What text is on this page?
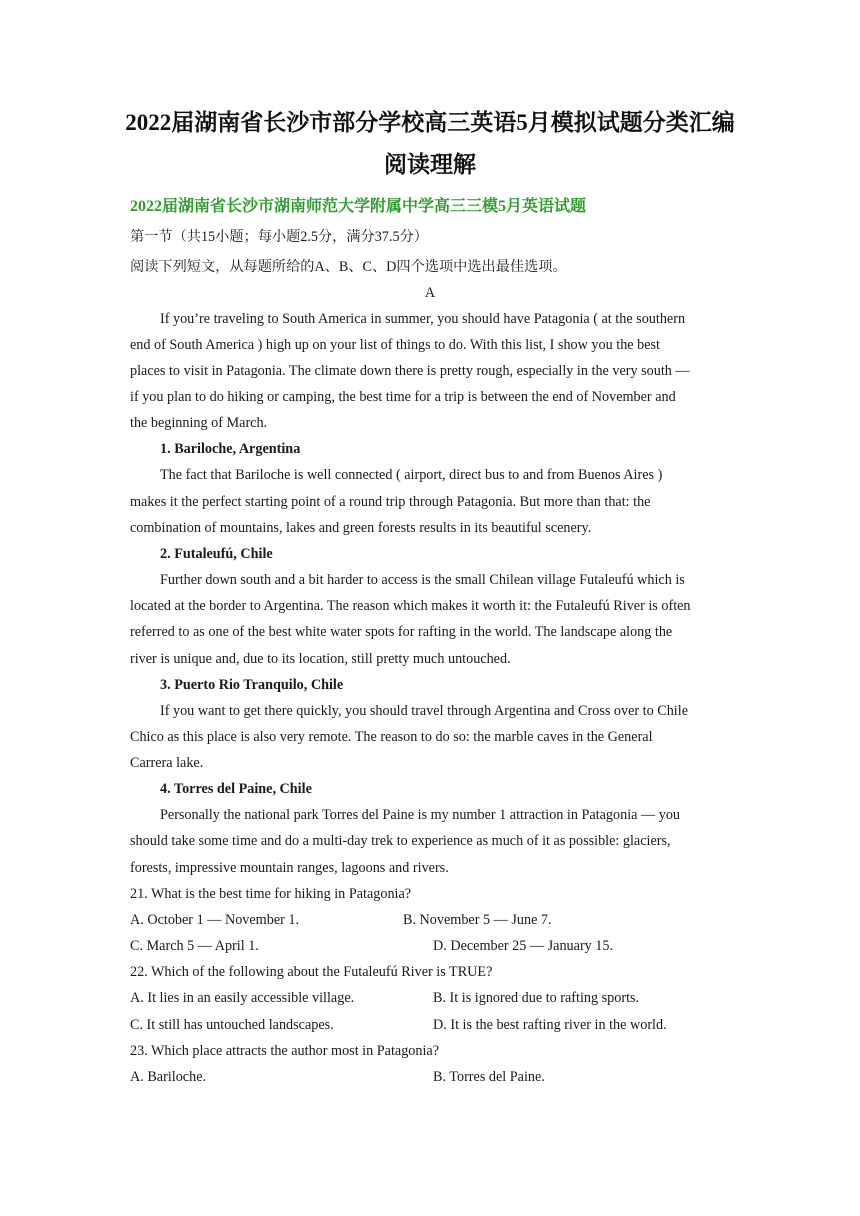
2022届湖南省长沙市部分学校高三英语5月模拟试题分类汇编
阅读理解
2022届湖南省长沙市湖南师范大学附属中学高三三模5月英语试题
第一节（共15小题；每小题2.5分，满分37.5分）
阅读下列短文，从每题所给的A、B、C、D四个选项中选出最佳选项。
A
If you’re traveling to South America in summer, you should have Patagonia ( at the southern
end of South America ) high up on your list of things to do. With this list, I show you the best
places to visit in Patagonia. The climate down there is pretty rough, especially in the very south —
if you plan to do hiking or camping, the best time for a trip is between the end of November and
the beginning of March.
1. Bariloche, Argentina
The fact that Bariloche is well connected ( airport, direct bus to and from Buenos Aires )
makes it the perfect starting point of a round trip through Patagonia. But more than that: the
combination of mountains, lakes and green forests results in its beautiful scenery.
2. Futaleufú, Chile
Further down south and a bit harder to access is the small Chilean village Futaleufú which is
located at the border to Argentina. The reason which makes it worth it: the Futaleufú River is often
referred to as one of the best white water spots for rafting in the world. The landscape along the
river is unique and, due to its location, still pretty much untouched.
3. Puerto Rio Tranquilo, Chile
If you want to get there quickly, you should travel through Argentina and Cross over to Chile
Chico as this place is also very remote. The reason to do so: the marble caves in the General
Carrera lake.
4. Torres del Paine, Chile
Personally the national park Torres del Paine is my number 1 attraction in Patagonia — you
should take some time and do a multi-day trek to experience as much of it as possible: glaciers,
forests, impressive mountain ranges, lagoons and rivers.
21. What is the best time for hiking in Patagonia?
A. October 1 — November 1.	B. November 5 — June 7.
C. March 5 — April 1.	D. December 25 — January 15.
22. Which of the following about the Futaleufú River is TRUE?
A. It lies in an easily accessible village.	B. It is ignored due to rafting sports.
C. It still has untouched landscapes.	D. It is the best rafting river in the world.
23. Which place attracts the author most in Patagonia?
A. Bariloche.	B. Torres del Paine.
